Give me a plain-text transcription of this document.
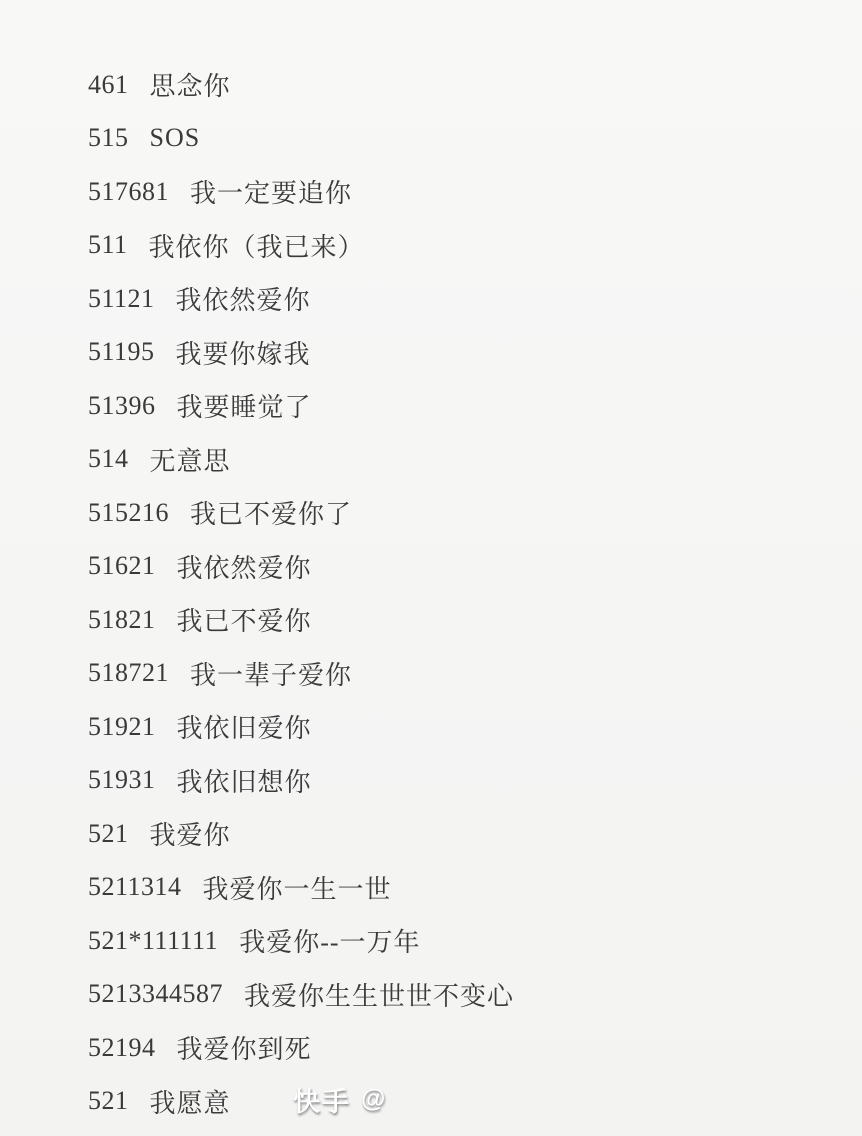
461 思念你
515 SOS
517681 我一定要追你
511 我依你（我已来）
51121 我依然爱你
51195 我要你嫁我
51396 我要睡觉了
514 无意思
515216 我已不爱你了
51621 我依然爱你
51821 我已不爱你
518721 我一辈子爱你
51921 我依旧爱你
51931 我依旧想你
521 我爱你
5211314 我爱你一生一世
521*111111 我爱你--一万年
5213344587 我爱你生生世世不变心
52194 我爱你到死
521 我愿意 快手 @
